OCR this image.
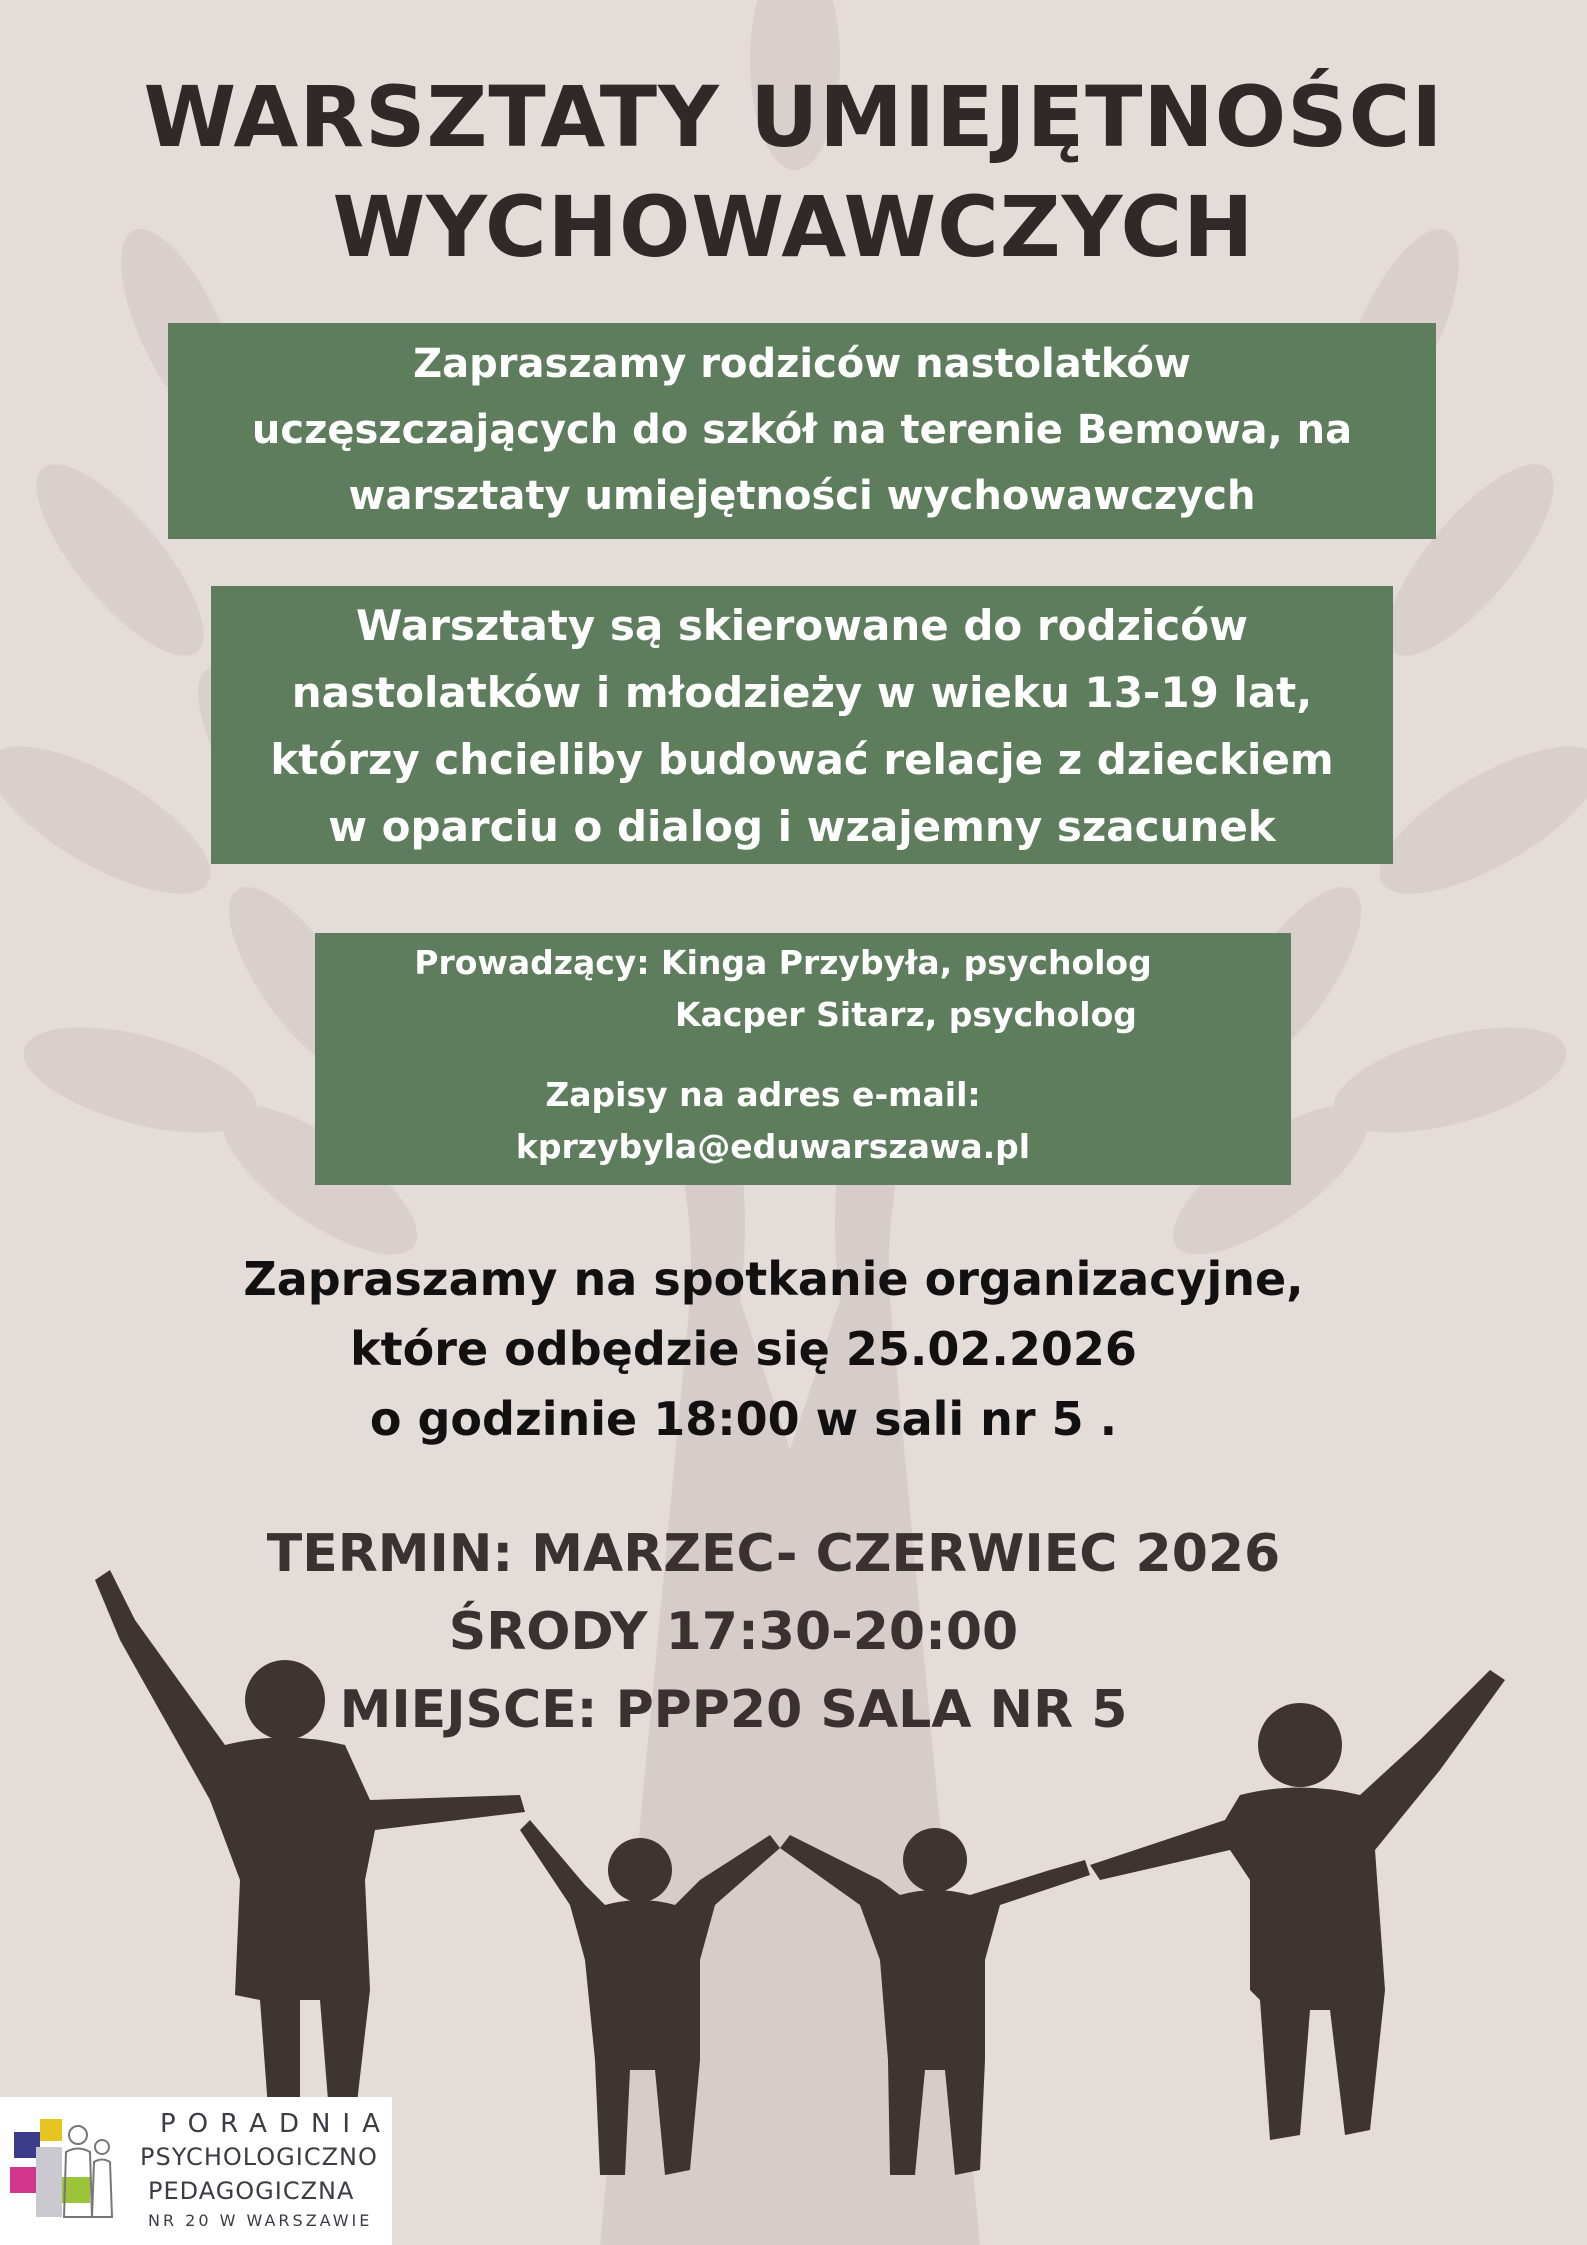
WARSZTATY UMIEJĘTNOŚCI
WYCHOWAWCZYCH

Zapraszamy rodziców nastolatków

uczęszczających do szkół na terenie Bemowa, na

warsztaty umiejętności wychowawczych

Warsztaty są skierowane do rodziców

nastolatków i młodzieży w wieku 13-19 lat,

którzy chcieliby budować relacje z dzieckiem

w oparciu o dialog i wzajemny szacunek

Prowadzący: Kinga Przybyła, psycholog

Kacper Sitarz, psycholog

Zapisy na adres e-mail:

kprzybyla@eduwarszawa.pl

Zapraszamy na spotkanie organizacyjne,

które odbędzie się 25.02.2026

o godzinie 18:00 w sali nr 5 .

TERMIN: MARZEC- CZERWIEC 2026

ŚRODY 17:30-20:00

MIEJSCE: PPP20 SALA NR 5

PORADNIA

PSYCHOLOGICZNO

PEDAGOGICZNA

NR 20 W WARSZAWIE
